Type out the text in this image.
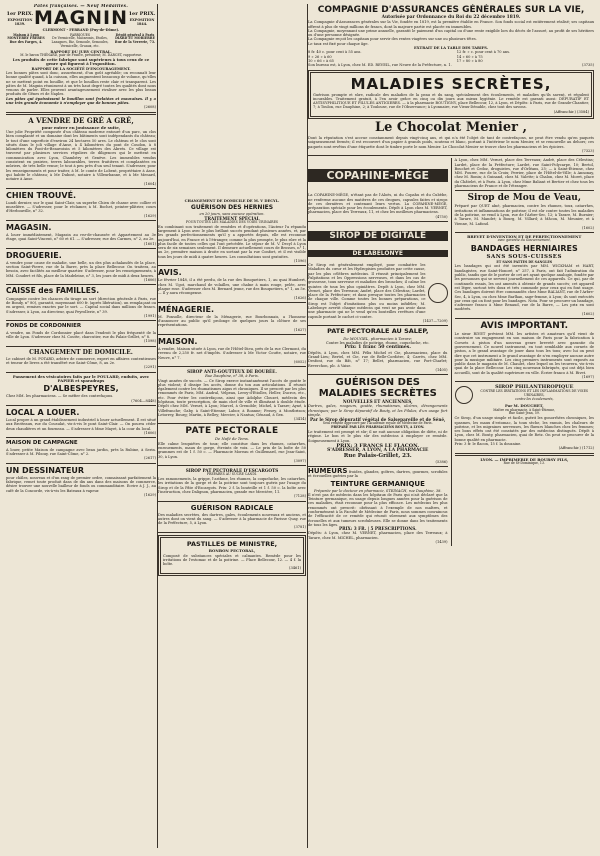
Pâtes françaises. — Neuf Médailles.

1er PRIX.

EXPOSITION 1839. MAGNIN 1er PRIX.

EXPOSITION 1844.

CLERMONT - FERRAND (Puy-de-Dôme).

Maison à Lyon
MONTERRY FRÈRES
Rue des Farges, 4.

FABRIQUES
De Vermicelle, Macaronis, Etoiles, Lazagnes, Riz, Semoule, Semoules, Vermicelle, Gruaux, etc.

Dépôt général à Paris
DIARD ET MORIERRE
Rue de la Verrerie, 73.

RAPPORT DU JURY CENTRAL.

M. le baron THÉNARD, pair de France, président; M. DARCET, rapporteur.

Les produits de cette fabrique sont supérieurs à tous ceux de ce genre qui figurent à l'exposition.

RAPPORT DE LA SOCIÉTÉ D'ENCOURAGEMENT.

Les bonnes pâtes sont donc, assurément, d'un goût agréable; on reconnaît leur bonne qualité quand, à la cuisson, elles augmentent beaucoup de volume, qu'elles ne se mettent point en bouillie, et que le bouillon reste clair et transparent. Les pâtes de M. Magnin réunissent à un très haut degré toutes les qualités dont nous venons de parler. Elles peuvent avantageusement rivaliser avec les plus beaux produits de Gênes et de Naples.

Les pâtes qui épaississent le bouillon sont frelatées et mauvaises. Il y a une très grande économie à n'employer que de bonnes pâtes.

(2608)

A VENDRE DE GRÉ A GRÉ,

pour entrer en jouissance de suite,

Une jolie Propriété composée d'un château moderne entouré d'un parc, un clos bien complanté et un domaine dont les bâtiments sont indépendants du château; le tout d'une superficie d'environ 24 hectares 50 ares. Le château et le clos sont situés dans le joli village d'Anse, à 4 kilomètres du pont de Coudon, à 8 kilomètres du Pont-de-Beauvoisin et 5 kilomètres des Abrets. Ce village est traversé par plusieurs services réguliers de diligences qui le mettent en communication avec Lyon, Chambéry et Genève. Les immeubles vendus consistent en prairies, terres labourables, terres fruitières et complantées en mûriers, de très belle venue; le tout à peu près d'un seul tenant. S'adresser, pour les renseignements et pour traiter, à M. le comte de Lobent, propriétaire à Anse, qui habite le château; à Me Dubost, notaire à Villeurbanne, et à Me Menard, notaire à Anse.

(1604)

CHIEN TROUVÉ.

Lundi dernier, sur le quai Saint-Clair, un superbe Chien de chasse avec collier et muselière. — S'adresser, pour le réclamer, à M. Bochet, peintre-plâtrier, cours d'Herbouville, n° 32.

(1629)

MAGASIN.

A louer immédiatement, Magasin au rez-de-chaussée et Appartement au 3e étage, quai Saint-Vincent, n° 60 et 61. — S'adresser, rue des Carmes, n° 2, au 2e.

(1601)

DROGUERIE.

A vendre pour cause de maladie, une belle, un des plus achalandés de la place, section Saint-Pierre, rue de la Barre, près la place Bellecour. On traitera, au besoin, avec facilités au meilleur quartier. S'adresser, pour les renseignements, à MM. Coudert et fils, place de la Madeleine, n° 3, les jours de midi à deux heures.

(1606)

CAISSE des FAMILLES.

Compagnie contre les chances du tirage au sort (direction générale à Paris, rue de Bondy, n° 80), garantit, moyennant 600 fr. (après libération), un remplaçant ou en argent, remises exactes par le sort. — Capital social dans millions de francs. S'adresser, à Lyon, au directeur, quai Peyrollerie, n° 39.

(1991)

FONDS DE CORDONNIER

A vendre, un Fonds de Cordonnier placé dans l'endroit le plus fréquenté de la ville de Lyon. S'adresser chez M. Coutte, charcutier, rue du Palais-Grillet, n° 8.

(1598)

CHANGEMENT DE DOMICILE.

Le cabinet de M. POTARD, arbitre de commerce, expert en affaires contentieuses et teneur de livres a été transféré rue Saint-Côme, 8, au 2e.

(2291)

Pansement des vésicatoires faits par le POULARD, enduits, avec PAPIER et sparadraps

D'ALBESPEYRES,

Chez MM. les pharmaciens. — Se méfier des contrefaçons.

(7604—8448)

LOCAL A LOUER.

Local propre à un grand établissement industriel à louer actuellement. Il est situé aux Brotteaux, rue du Cousulat, vis-à-vis le pont Saint-Clair. — On pourra céder deux chaudières et un fourneau. — S'adresser à Mme Mayet, à la cour du local.

(1606)

MAISON DE CAMPAGNE

A louer, petite Maison de campagne avec beau jardin, près la Rubine, à Serin. S'adresser à M. Pibouy, rue Saint-Côme, n° 2.

(2617)

UN DESSINATEUR

pour châles, nouveau et d'un rang de premier ordre, connaissant parfaitement la fabrique, remet toute produit dans de dix ans dans des maisons de commerce, désire trouver une nouvelle bailleur de fonds ou commanditaire. Ecrire à J. J., au café de la Concorde, vis-à-vis les Bateaux à vapeur.

(1629)

CHANGEMENT DE DOMICILE DE M. V DECYL.

GUÉRISON DES HERNIES

en 20 jours, sans aucune opération.

TRAITEMENT SPÉCIAL

POUR TOUTES LES MALADIES DES VOIES URINAIRES

En combinant son traitement de remèdes et d'opérations, l'Auteur l'a répandu largement à Lyon avec le plus brillant succès pendant plusieurs années, et, par les grands perfectionnements qu'il y a apportés depuis, elle est reconnue aujourd'hui, en France et à l'étranger, comme la plus prompte, le plus sûre et la plus facile de toutes celles qui l'ont précédée. Le séjour de M. V. Decyl à Lyon sera de six semaines seulement. Il demeure actuellement cours de Brosses, n° 1, au 2e, première maison à droite en sortant par la rue Confort, et il est visible tous les jours de midi à quatre heures. Les consultations sont gratuites.

(1596)

AVIS.

Le février 1848, il a été perdu, de la rue des Bouquetiers, 1, au quai Humbert, chez M. Ugot, marchand de volailles, une chaîne à main rouge, pelée, avec plaque rose. S'adresser chez M. Bernard jeune, rue des Bouquetiers, n° 1, au 5e. — Il y aura récompense.

(1626)

MÉNAGERIE.

M. Ponsolle, directeur de la Ménagerie, rue Bourbonnais, a l'honneur d'annoncer au public qu'il prolonge de quelques jours la clôture de ses représentations.

(1627)

MAISON.

A vendre, Maison située à Lyon, rue de l'Hôtel-Dieu, près de la rue Clermont, du revenu de 2,250 fr. net d'impôts. S'adresser à Me Victor Coutte, notaire, rue Neuve, n° 7.

(6052)

SIROP ANTI-GOUTTEUX DE BOUBÉE.

Rue Dauphine, n° 38, à Paris.

Vingt années de succès. — Ce Sirop exerce instantanément l'accès de goutte le plus violent; il dissipe les accès, donne du ton aux articulations. Il réussit également contre les rhumatismes aigus et chroniques. Il se prescrit par les plus renommés de Paris, MM. Andral, Velpeau, Leroy-d'Etiolles, Heller, Ducros, etc., etc. Pour éviter les contrefaçons, ainsi que Adolphe Clouzet, médecin des hôpitaux, toute prescription, de main chef de ville et illimitant à double étude. Dépôt chez MM. Vernet, à Lyon; Marcel, à Grenoble; Michel, à Tarare; Ayné, à Villefranche; Gaby, à Saint-Etienne; Labor, à Roanne; Fessey, à Montbrison; Letorrey, Bourg; Martin, à Belley; Mercier, à Nantua; Génaud, à Gex.

(3414)

PATE PECTORALE

De Nafé de Tems.

Elle calme lesquiétes de toux; elle constitue dans les rhumes, catarrhes, enrouements, maux de gorge, étreints de voix. — Le prix de la boîte de 50 grammes est de 1 f. 50 c. — Pharmacie Moreau et Guillemard, rue Jean-Saint, 30, à Lyon.

(3097)

SIROP PAT PECTORALE D'ESCARGOTS

PRÉPARÉS AU SUCRE CANDI.

Les ramonements, la grippe, l'asthme, les rhumes, la coqueluche, les catarrhes, les irritations de la gorge et de la poitrine sont toujours guéris par l'usage du Sirop et de la Pâte d'Escargots. Prix: 2 f. la bouteille et 1 f. 50 c. la boîte avec l'instruction, chez Dalignon, pharmacien, grande rue Mercière, 11.

(7128)

GUÉRISON RADICALE

Des maladies secrètes, des dartres, gales, écoulements nouveaux et anciens, et autres dont on vient du sang. — S'adresser à la pharmacie de Parisse Quay, rue de la Préfecture, 5, à Lyon.

(3781)

PASTILLES DE MINISTRE,

BONBON PECTORAL,

Composé de substances spéciales et calmantes. Remède pour les irritations de l'estomac et de la poitrine. — Place Bellecour, 12. — 4 f. la boîte.

(3461)

COMPAGNIE D'ASSURANCES GÉNÉRALES SUR LA VIE,

Autorisée par Ordonnance du Roi du 22 décembre 1819.

La Compagnie d'Assurances générales sur la Vie, fondée en 1819, est la première établie en France. Son fonds social est entièrement réalisé; ses capitaux offrent à plus de vingt millions de francs, dont la majeure partie est placée en immeubles.

La Compagnie, moyennant une prime annuelle, garantit le paiement d'un capital ou d'une rente exigible lors du décès de l'assuré, au profit de ses héritiers ou d'une personne désignée.

La Compagnie reçoit les capitaux pour servir des rentes viagères sur une ou plusieurs têtes.

Le taux est fixé pour chaque âge.

EXTRAIT DE LA TABLE DES TARIFS.

8 fr. 40 c. pour cent à 55 ans.	12 fr. » c. pour cent à 70 ans.

9 » 26 » à 60	14 » 60 » à 75

10 » 66 » à 65	17 » 80 » à 80

Son bureau est, à Lyon, chez M. ED. REVEIL, rue Neuve de la Préfecture, n. 1.	(3735)

MALADIES SECRÈTES,

Guérison prompte et sûre, radicale des maladies de la peau et du sang, spécialement des écoulements, et maladies qu'ils savent, et régulent incurables. Traitement gratuit, à l'en avoir grâce en cinq ou dix jours aux mieux hygiénie. Le remède est garanti aussi: DÉPURATIF ET ANTISYPHILITIQUE ET PILULES ANTIGIERES. — à la pharmacie BOUTIGNY, place Bellecour, 12, à Lyon, et Dépôts: à Paris, rue de Grande-Chantier, 7; à Toulon, rue Dauphine, 2; à Toulouse, rue de l'Observance; à Lyonnaire, rue Vieux-Dénuble, chez tout des savons.

(Affranchir.) (3584)

Le Chocolat Menier ,

Dont la réputation s'est accrue constamment depuis vingt-cinq ans, et qui n'a été l'objet de tant de contrefaçons, ne peut être vendu qu'en paquets soigneusement fermés; il est recouvert d'un papier à grands poids, soutenu et blanc, portant à l'intérieur le nom Menier, et se renouvelle au dehors; ces paquets sont revêtus d'une étiquette dont le timbre porte le nom Menier. Le Chocolat Menier se trouve chez les pharmaciens et les épiciers.

(7323)

COPAHINE-MÈGE

La COPAHINE-MÈGE, n'étant pas de l'Aloès, ni du Copahu et du Cubèbe, ne renferme aucune des matières de ces drogues, capsules faites et sirops de ces dernières et contenant leurs vertus. La COPAHINE-MÈGE, préparation spéciale pour les écoulements. Dépôt à Lyon chez M. VERNET, pharmacien, place des Terreaux, 11, et chez les meilleurs pharmaciens.

(4750)

SIROP DE DIGITALE

DE LABELONYE

Ce Sirop est généralement employé, pour combattre les Maladies du cœur et les Hydropisies produites par cette cause, par les plus célèbres médecins. Il réussit principalement les Palpitations et les Oppressions nerveuses, et dans les cas de grossesse, toux nerveuse et maladies des bronches; il calme les quintes de toux les plus opiniâtres. Depôt à Lyon, chez MM. Vernet, place des Terreaux; André, place des Célestins; Lardet, place de la Préfecture; et dans presque toutes les pharmacies de chaque ville. Comme toutes les bonnes préparations, ce Sirop est l'objet d'imitations plus ou moins infidèles; M. Labelonye avertit chaque médecin qui veut ne pas avoir dans une pharmacie qui ne le vend qu'en bouteilles revêtues d'une capsule portant le cachet ci-contre.

(1437—7209)

PATE PECTORALE AU SALEP,

De MOUGEL, pharmacien à Tarare;

Contre les maladies de poitrine, rhume, coqueluche, etc.

Prix: 1 franc 50 centimes.

Dépôts, à Lyon, chez MM. Félix Michel et Cie, pharmaciens, place du Grand-Lieu; Bertel, et Cie, rue de Belle-Cordière, 4; Carrès, chez MM. Desfont, rue du Bât, n° 17; Bellet, pharmacien, rue Port-Charlet; Reverchon, plc. à Vaise.

(1405)

GUÉRISON DES MALADIES SECRÈTES

NOUVELLES ET ANCIENNES,

Dartres, gales, rougeurs, goutte, rhumatismes, ulcères, dérangements chroniques; par le Sirop dépuratif de Bouty, et les Pilules, d'un usage fort simple.

Par le Sirop dépuratif végétal de Salsepareille et de Séné,

Seul remède approuvé par l'Académie royale de Médecine de Paris.

PRÉPARÉ PAR LES PHARMACIENS BOUTY, A LYON.

Le traitement est prompt et sûr; il ne suit aucune obligation de diète, ni de régime. Le bon et le plus sûr des médecins à employer ce remède. Soigneusement à Lyon.

PRIX: 3 FRANCS LE FLACON.

S'ADRESSER, A LYON, A LA PHARMACIE

Rue Palais-Grillet, 23.

(5386)

HUMEURS froides, glandes, goîtres, dartres, gourmes, scrofules et écrouelles guéries par la

TEINTURE GERMANIQUE

Préparée par le docteur en pharmacie, STEINACH, rue Dauphine, 38.

Il n'est pas de médecin dans les hôpitaux de Paris qui n'ait déclaré que la Teinture germanique, en usage depuis longues années pour la guérison de ces maladies, était reconnue pour la plus efficace. Les médecins les plus renommés ont prescrit: obéissant à l'exemple de nos maîtres, et conformément à la Faculté de Médecine de Paris, nous sommes convaincus de l'efficacité de ce remède qui réussit sûrement aux symptômes des écrouelles et aux tumeurs scrofuleuses. Elle se donne dans les traitements de tous les âges.

PRIX: 3 FR. | 5 PRESCRIPTIONS.

Dépôts: à Lyon, chez M. VERNET, pharmacien, place des Terreaux; à Tarare, chez M. MICHEL, pharmacien.

(1439)

A Lyon, chez MM. Vernet, place des Terreaux; Andrè, place des Célestins; Lardet, place de la Préfecture; Lardet, rue Saint-Polycarpe, 10; Bertol, Bouchet et Cedoz, droguistes, rue d'Orléans, 25; — à Saint-Etienne, chez MM. Fourer, rue de la Croix; Perrier, place de l'Hôtel-de-Ville; à Annonay, chez M. Ronin; à Guinand, chez M. Valette; à Chalon, chez M. Moret, place du Châtelet, et à Paris. A Lyon, chez Mme Baliant et Bertier et chez tous les pharmaciens de France et de l'étranger.

Sirop de Mou de Veau,

Préparé par QUET aîné, pharmacien, contre les rhumes, toux, catarrhes, irritations et inflammations de poitrine; il est sûr contre toutes les maladies de la poitrine, se vend à Lyon, rue de l'Arbre-Sec, 12; à Tarare, M. Burnier; à Tarare, M. Mandet; à Bourg, M. Villard; à Mâcon, M. Meunier, et à Vienne, M. Lafond.

(1602)

BREVET D'INVENTION ET DE PERFECTIONNEMENT

avec garantie du Gouvernement,

BANDAGES HERNIAIRES

SANS SOUS-CUISSES

ET SANS PATTES DE SANGLES

Les bandages qui ont été inventés par MM. WICKHAM et HART, bandagistes, rue Saint-Honoré, n° 257, à Paris, ont fait l'admiration du public, tandis que de le porter de cet art ayant quelque analogie, fondée par les personnes qui se servent journellement de ces appareils. Ce qui, par de continuels essais, les ont amenés à obtenir de grands succès; cet appareil est léger, surtout très doux et très commode pour ceux qui en font usage. Ces bandages doivent être commandés chez Mme BALIANT, rue de l'Arbre-Sec, 4, à Lyon, ou chez Mme Barlhan, sage-femme, à Lyon; ils sont exécutés par ceux qui on font pour les bandages. Nota. Pour se procurer un bandage, s'adresser franco à Mme Renaud, rue de la Barre, — Les prix en sont modérés.

(1602)

AVIS IMPORTANT.

Le sieur RIVET prévient MM. les artistes et amateurs qu'il vient de construire un engagement en son maison de Paris pour la fabrication à Corsets à piston d'un nouveau genre breveté avec garantie du gouvernement. Ce nouvel instrument, en tout semblable aux cornets de piston, a le grand avantage de jouer dans tous les tons; avec lui on peut dire que cet instrument a le grand avantage de n'en employer aucune autre pour la musique militaire. Les cinq premiers instruments sont exposés au public dans le magasin de M. Chaulet, chez lequel on les trouvera, vis-à-vis quai de la place Bellecour. Les cinq nouveaux fabriqués, qui ont déjà bien accueilli, sont de la qualité supérieure en ville. Écrire franco à M. Rivet.

(1697)

SIROP PHILANTHROPIQUE

CONTRE LES IRRITATIONS ET LES INFLAMMATIONS DE VOIES URINAIRES,

contre les écoulements,

Par M. DOUCHET,

Maître en pharmacie, à Saint-Étienne,

Rue Saint-Jean, 59.

Ce Sirop, d'un usage simple et facile, guérit les gonorrhées chroniques, les spasmes, les maux d'estomac, la toux sèche, les ennuis, les chaleurs de poitrine, et les migraines nerveuses, les flueurs blanches chez les femmes; ses bons effets ont été constatés par des médecins distingués. Dépôt à Lyon, chez M. Bouty, pharmacien, quai de Retz. On peut se procurer de la bonne qualité en pharmacie.

Prix: 3 fr. le flacon, 15 f. la douzaine.

(Affranchir.) (1712)

LYON. — IMPRIMERIE DE BOURSY FILS,

Rue de St-Dominique, 13.
